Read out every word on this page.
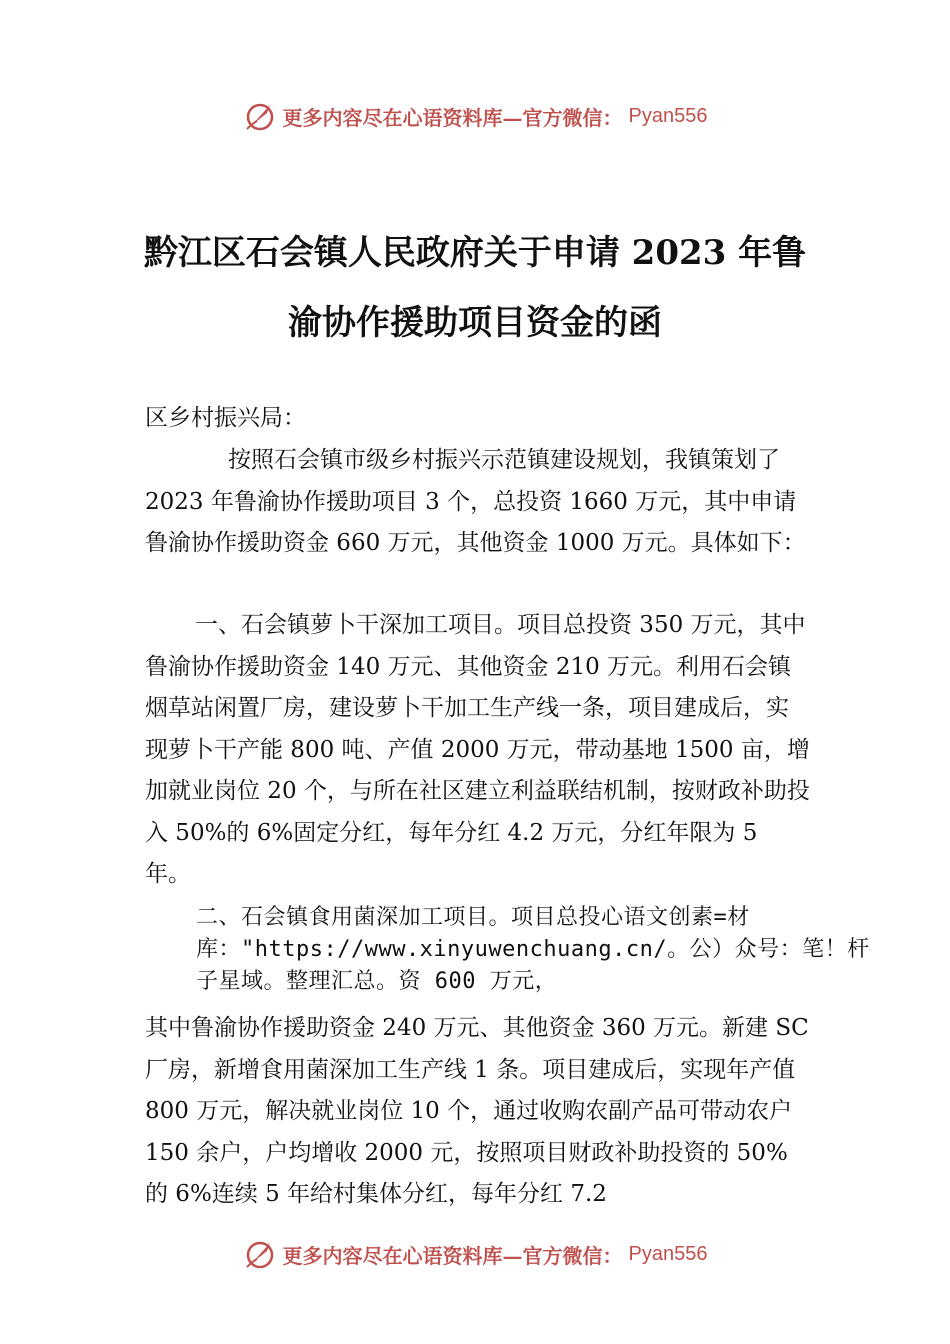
更多内容尽在心语资料库—官方微信： Pyan556
黔江区石会镇人民政府关于申请 2023 年鲁
渝协作援助项目资金的函
区乡村振兴局：
按照石会镇市级乡村振兴示范镇建设规划，我镇策划了 2023 年鲁渝协作援助项目 3 个，总投资 1660 万元，其中申请鲁渝协作援助资金 660 万元，其他资金 1000 万元。具体如下：
一、石会镇萝卜干深加工项目。项目总投资 350 万元，其中鲁渝协作援助资金 140 万元、其他资金 210 万元。利用石会镇烟草站闲置厂房，建设萝卜干加工生产线一条，项目建成后，实现萝卜干产能 800 吨、产值 2000 万元，带动基地 1500 亩，增加就业岗位 20 个，与所在社区建立利益联结机制，按财政补助投入 50%的 6%固定分红，每年分红 4.2 万元，分红年限为 5 年。
二、石会镇食用菌深加工项目。项目总投心语文创素=材库："https://www.xinyuwenchuang.cn/。公）众号：笔！杆子星域。整理汇总。资 600 万元，
其中鲁渝协作援助资金 240 万元、其他资金 360 万元。新建 SC 厂房，新增食用菌深加工生产线 1 条。项目建成后，实现年产值 800 万元，解决就业岗位 10 个，通过收购农副产品可带动农户 150 余户，户均增收 2000 元，按照项目财政补助投资的 50%的 6%连续 5 年给村集体分红，每年分红 7.2
更多内容尽在心语资料库—官方微信： Pyan556
